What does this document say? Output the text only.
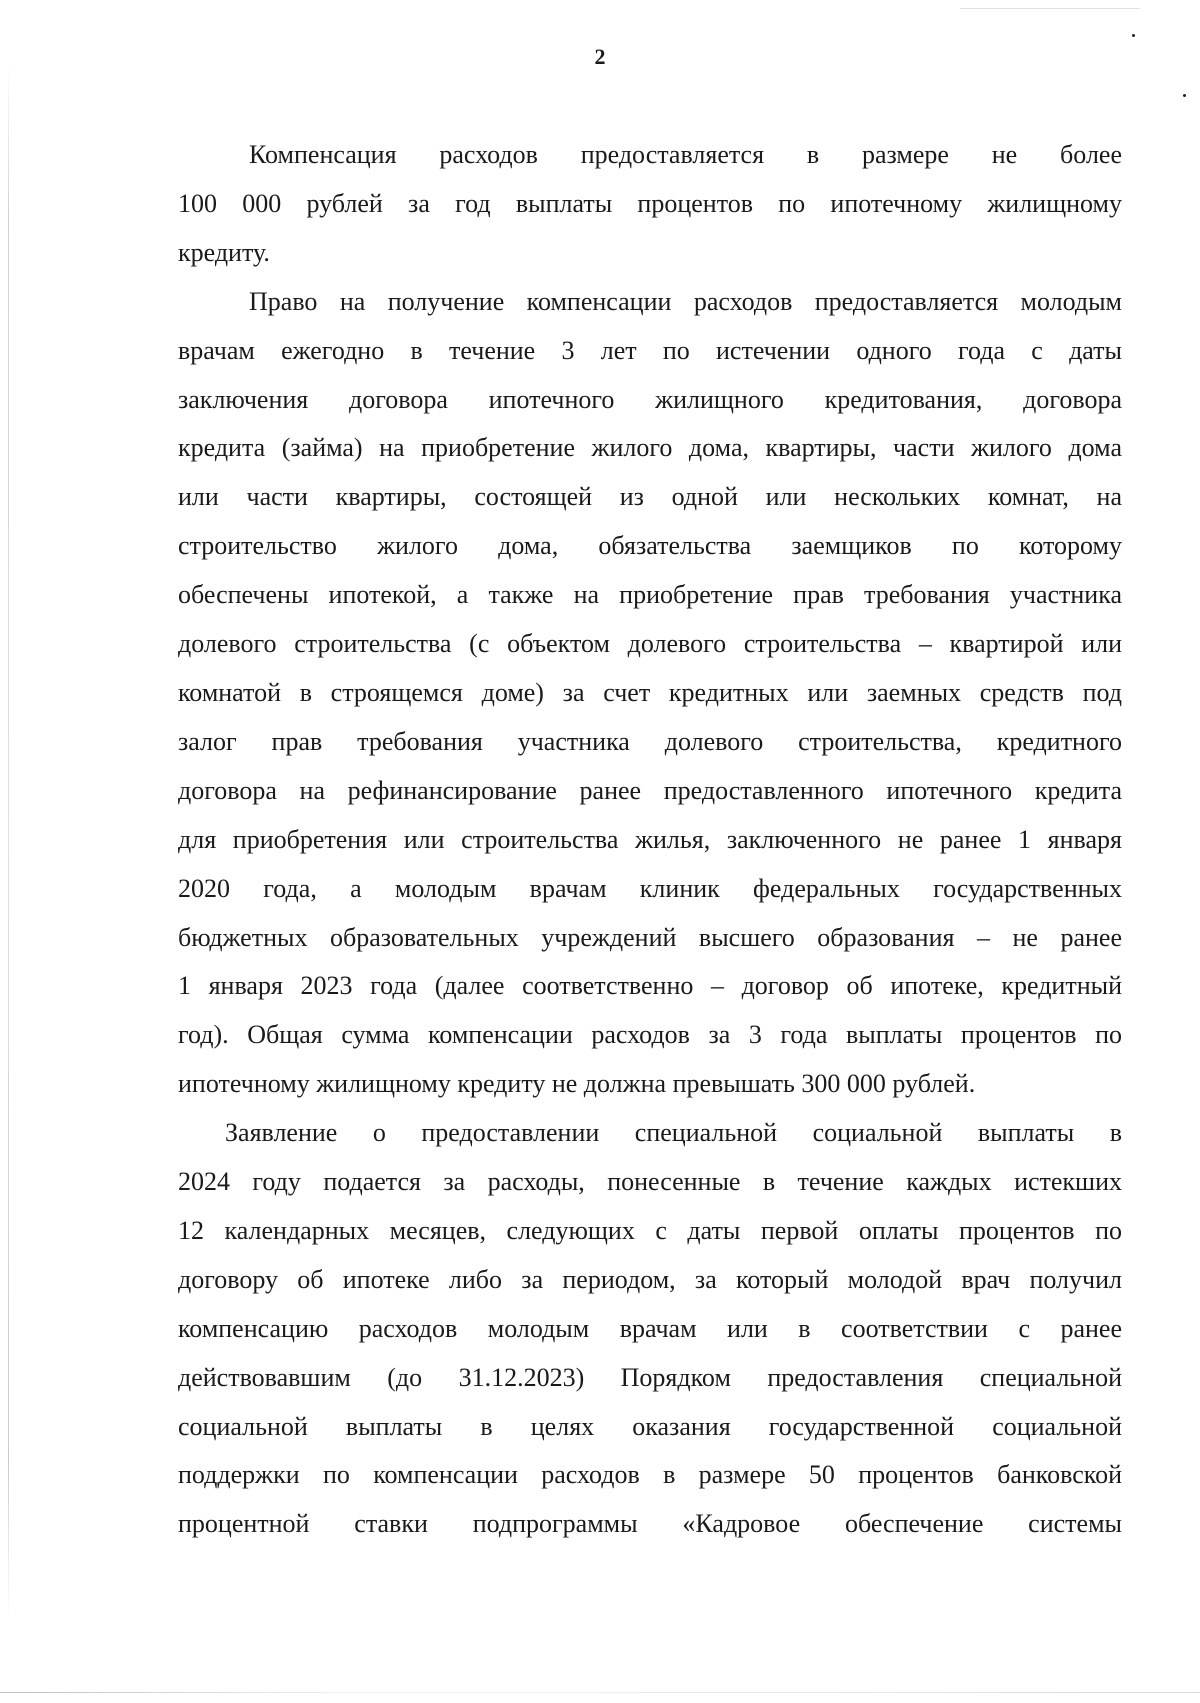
2
Компенсация расходов предоставляется в размере не более
100 000 рублей за год выплаты процентов по ипотечному жилищному
кредиту.
Право на получение компенсации расходов предоставляется молодым
врачам ежегодно в течение 3 лет по истечении одного года с даты
заключения договора ипотечного жилищного кредитования, договора
кредита (займа) на приобретение жилого дома, квартиры, части жилого дома
или части квартиры, состоящей из одной или нескольких комнат, на
строительство жилого дома, обязательства заемщиков по которому
обеспечены ипотекой, а также на приобретение прав требования участника
долевого строительства (с объектом долевого строительства – квартирой или
комнатой в строящемся доме) за счет кредитных или заемных средств под
залог прав требования участника долевого строительства, кредитного
договора на рефинансирование ранее предоставленного ипотечного кредита
для приобретения или строительства жилья, заключенного не ранее 1 января
2020 года, а молодым врачам клиник федеральных государственных
бюджетных образовательных учреждений высшего образования – не ранее
1 января 2023 года (далее соответственно – договор об ипотеке, кредитный
год). Общая сумма компенсации расходов за 3 года выплаты процентов по
ипотечному жилищному кредиту не должна превышать 300 000 рублей.
Заявление о предоставлении специальной социальной выплаты в
2024 году подается за расходы, понесенные в течение каждых истекших
12 календарных месяцев, следующих с даты первой оплаты процентов по
договору об ипотеке либо за периодом, за который молодой врач получил
компенсацию расходов молодым врачам или в соответствии с ранее
действовавшим (до 31.12.2023) Порядком предоставления специальной
социальной выплаты в целях оказания государственной социальной
поддержки по компенсации расходов в размере 50 процентов банковской
процентной ставки подпрограммы «Кадровое обеспечение системы
